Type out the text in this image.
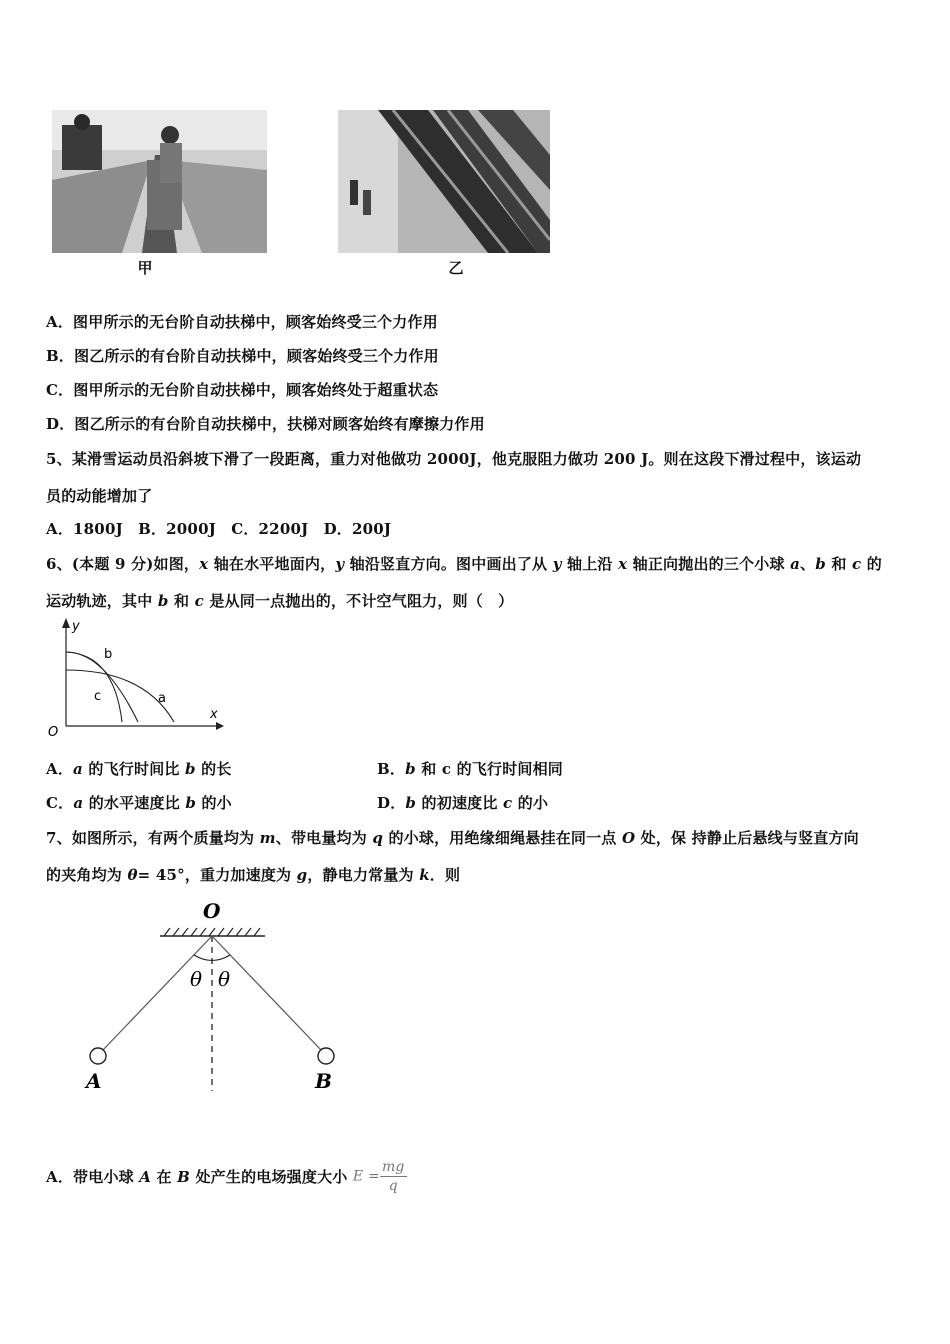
甲	乙
A．图甲所示的无台阶自动扶梯中，顾客始终受三个力作用
B．图乙所示的有台阶自动扶梯中，顾客始终受三个力作用
C．图甲所示的无台阶自动扶梯中，顾客始终处于超重状态
D．图乙所示的有台阶自动扶梯中，扶梯对顾客始终有摩擦力作用
5、某滑雪运动员沿斜坡下滑了一段距离，重力对他做功 2000J，他克服阻力做功 200 J。则在这段下滑过程中，该运动
员的动能增加了
A．1800J　B．2000J　C．2200J　D．200J
6、(本题 9 分)如图，x 轴在水平地面内，y 轴沿竖直方向。图中画出了从 y 轴上沿 x 轴正向抛出的三个小球 a、b 和 c 的
运动轨迹，其中 b 和 c 是从同一点抛出的，不计空气阻力，则（　）
y
x
O
b
c	a
A．a 的飞行时间比 b 的长	B．b 和 c 的飞行时间相同
C．a 的水平速度比 b 的小	D．b 的初速度比 c 的小
7、如图所示，有两个质量均为 m、带电量均为 q 的小球，用绝缘细绳悬挂在同一点 O 处，保 持静止后悬线与竖直方向
的夹角均为 θ= 45°，重力加速度为 g，静电力常量为 k．则
O
θ θ
A	B
A．带电小球 A 在 B 处产生的电场强度大小 $E = \frac{mg}{q}$
